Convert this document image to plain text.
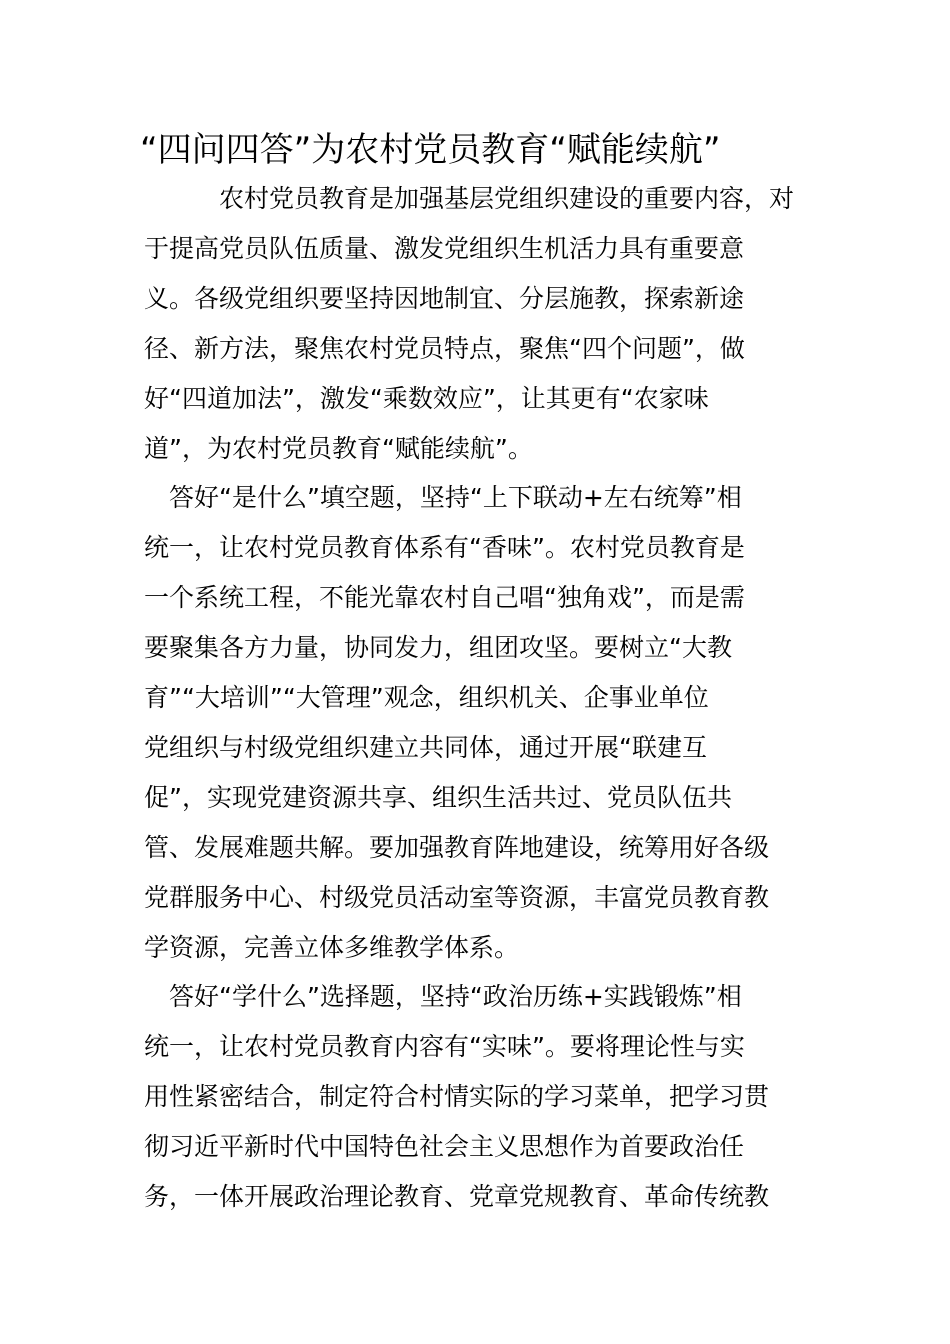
“四问四答”为农村党员教育“赋能续航”

　　　农村党员教育是加强基层党组织建设的重要内容，对

于提高党员队伍质量、激发党组织生机活力具有重要意

义。各级党组织要坚持因地制宜、分层施教，探索新途

径、新方法，聚焦农村党员特点，聚焦“四个问题”，做

好“四道加法”，激发“乘数效应”，让其更有“农家味

道”，为农村党员教育“赋能续航”。

　答好“是什么”填空题，坚持“上下联动+左右统筹”相

统一，让农村党员教育体系有“香味”。农村党员教育是

一个系统工程，不能光靠农村自己唱“独角戏”，而是需

要聚集各方力量，协同发力，组团攻坚。要树立“大教

育”“大培训”“大管理”观念，组织机关、企事业单位

党组织与村级党组织建立共同体，通过开展“联建互

促”，实现党建资源共享、组织生活共过、党员队伍共

管、发展难题共解。要加强教育阵地建设，统筹用好各级

党群服务中心、村级党员活动室等资源，丰富党员教育教

学资源，完善立体多维教学体系。

　答好“学什么”选择题，坚持“政治历练+实践锻炼”相

统一，让农村党员教育内容有“实味”。要将理论性与实

用性紧密结合，制定符合村情实际的学习菜单，把学习贯

彻习近平新时代中国特色社会主义思想作为首要政治任

务，一体开展政治理论教育、党章党规教育、革命传统教
